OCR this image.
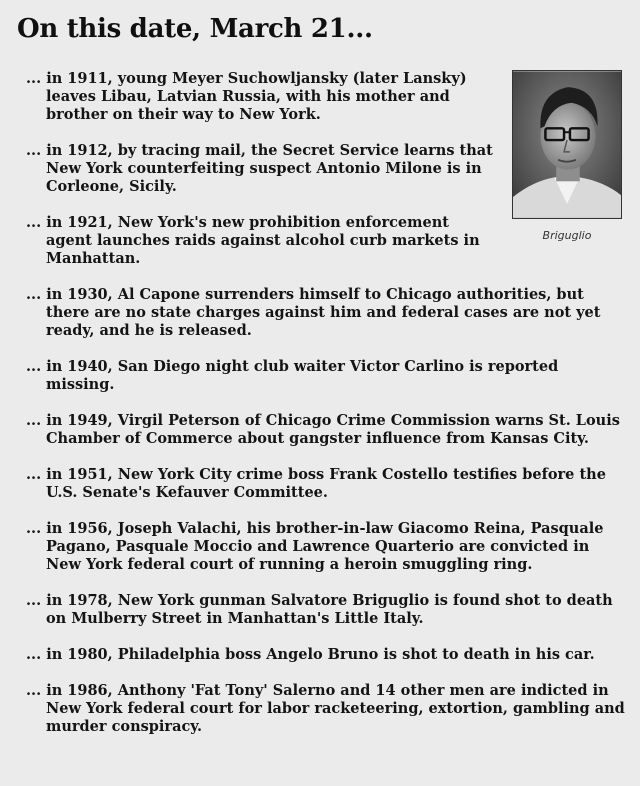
On this date, March 21...
Briguglio
... in 1911, young Meyer Suchowljansky (later Lansky) leaves Libau, Latvian Russia, with his mother and brother on their way to New York.
... in 1912, by tracing mail, the Secret Service learns that New York counterfeiting suspect Antonio Milone is in Corleone, Sicily.
... in 1921, New York's new prohibition enforcement agent launches raids against alcohol curb markets in Manhattan.
... in 1930, Al Capone surrenders himself to Chicago authorities, but there are no state charges against him and federal cases are not yet ready, and he is released.
... in 1940, San Diego night club waiter Victor Carlino is reported missing.
... in 1949, Virgil Peterson of Chicago Crime Commission warns St. Louis Chamber of Commerce about gangster influence from Kansas City.
... in 1951, New York City crime boss Frank Costello testifies before the U.S. Senate's Kefauver Committee.
... in 1956, Joseph Valachi, his brother-in-law Giacomo Reina, Pasquale Pagano, Pasquale Moccio and Lawrence Quarterio are convicted in New York federal court of running a heroin smuggling ring.
... in 1978, New York gunman Salvatore Briguglio is found shot to death on Mulberry Street in Manhattan's Little Italy.
... in 1980, Philadelphia boss Angelo Bruno is shot to death in his car.
... in 1986, Anthony 'Fat Tony' Salerno and 14 other men are indicted in New York federal court for labor racketeering, extortion, gambling and murder conspiracy.
